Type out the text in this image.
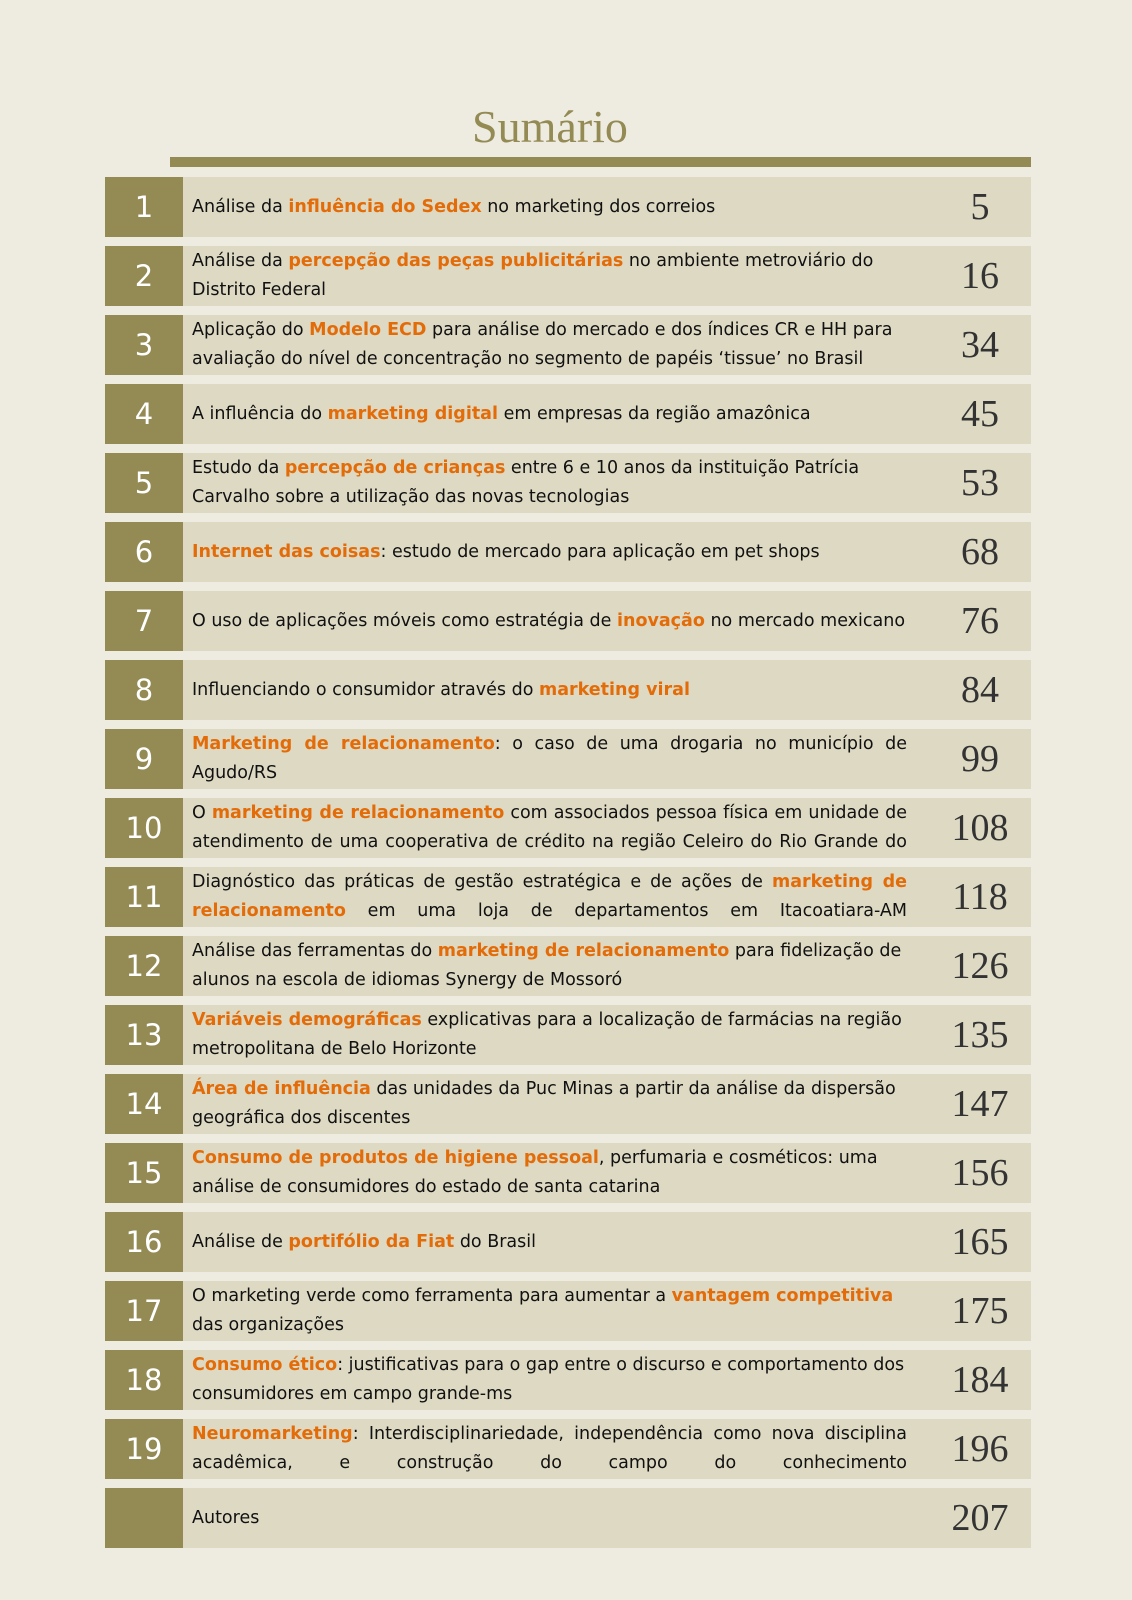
Sumário
1	Análise da influência do Sedex no marketing dos correios	5
2	Análise da percepção das peças publicitárias no ambiente metroviário do Distrito Federal	16
3	Aplicação do Modelo ECD para análise do mercado e dos índices CR e HH para avaliação do nível de concentração no segmento de papéis ‘tissue’ no Brasil	34
4	A influência do marketing digital em empresas da região amazônica	45
5	Estudo da percepção de crianças entre 6 e 10 anos da instituição Patrícia Carvalho sobre a utilização das novas tecnologias	53
6	Internet das coisas: estudo de mercado para aplicação em pet shops	68
7	O uso de aplicações móveis como estratégia de inovação no mercado mexicano	76
8	Influenciando o consumidor através do marketing viral	84
9	Marketing de relacionamento: o caso de uma drogaria no município de Agudo/RS	99
10	O marketing de relacionamento com associados pessoa física em unidade de atendimento de uma cooperativa de crédito na região Celeiro do Rio Grande do	108
11	Diagnóstico das práticas de gestão estratégica e de ações de marketing de relacionamento em uma loja de departamentos em Itacoatiara-AM	118
12	Análise das ferramentas do marketing de relacionamento para fidelização de alunos na escola de idiomas Synergy de Mossoró	126
13	Variáveis demográficas explicativas para a localização de farmácias na região metropolitana de Belo Horizonte	135
14	Área de influência das unidades da Puc Minas a partir da análise da dispersão geográfica dos discentes	147
15	Consumo de produtos de higiene pessoal, perfumaria e cosméticos: uma análise de consumidores do estado de santa catarina	156
16	Análise de portifólio da Fiat do Brasil	165
17	O marketing verde como ferramenta para aumentar a vantagem competitiva das organizações	175
18	Consumo ético: justificativas para o gap entre o discurso e comportamento dos consumidores em campo grande-ms	184
19	Neuromarketing: Interdisciplinariedade, independência como nova disciplina acadêmica, e construção do campo do conhecimento	196
Autores	207
